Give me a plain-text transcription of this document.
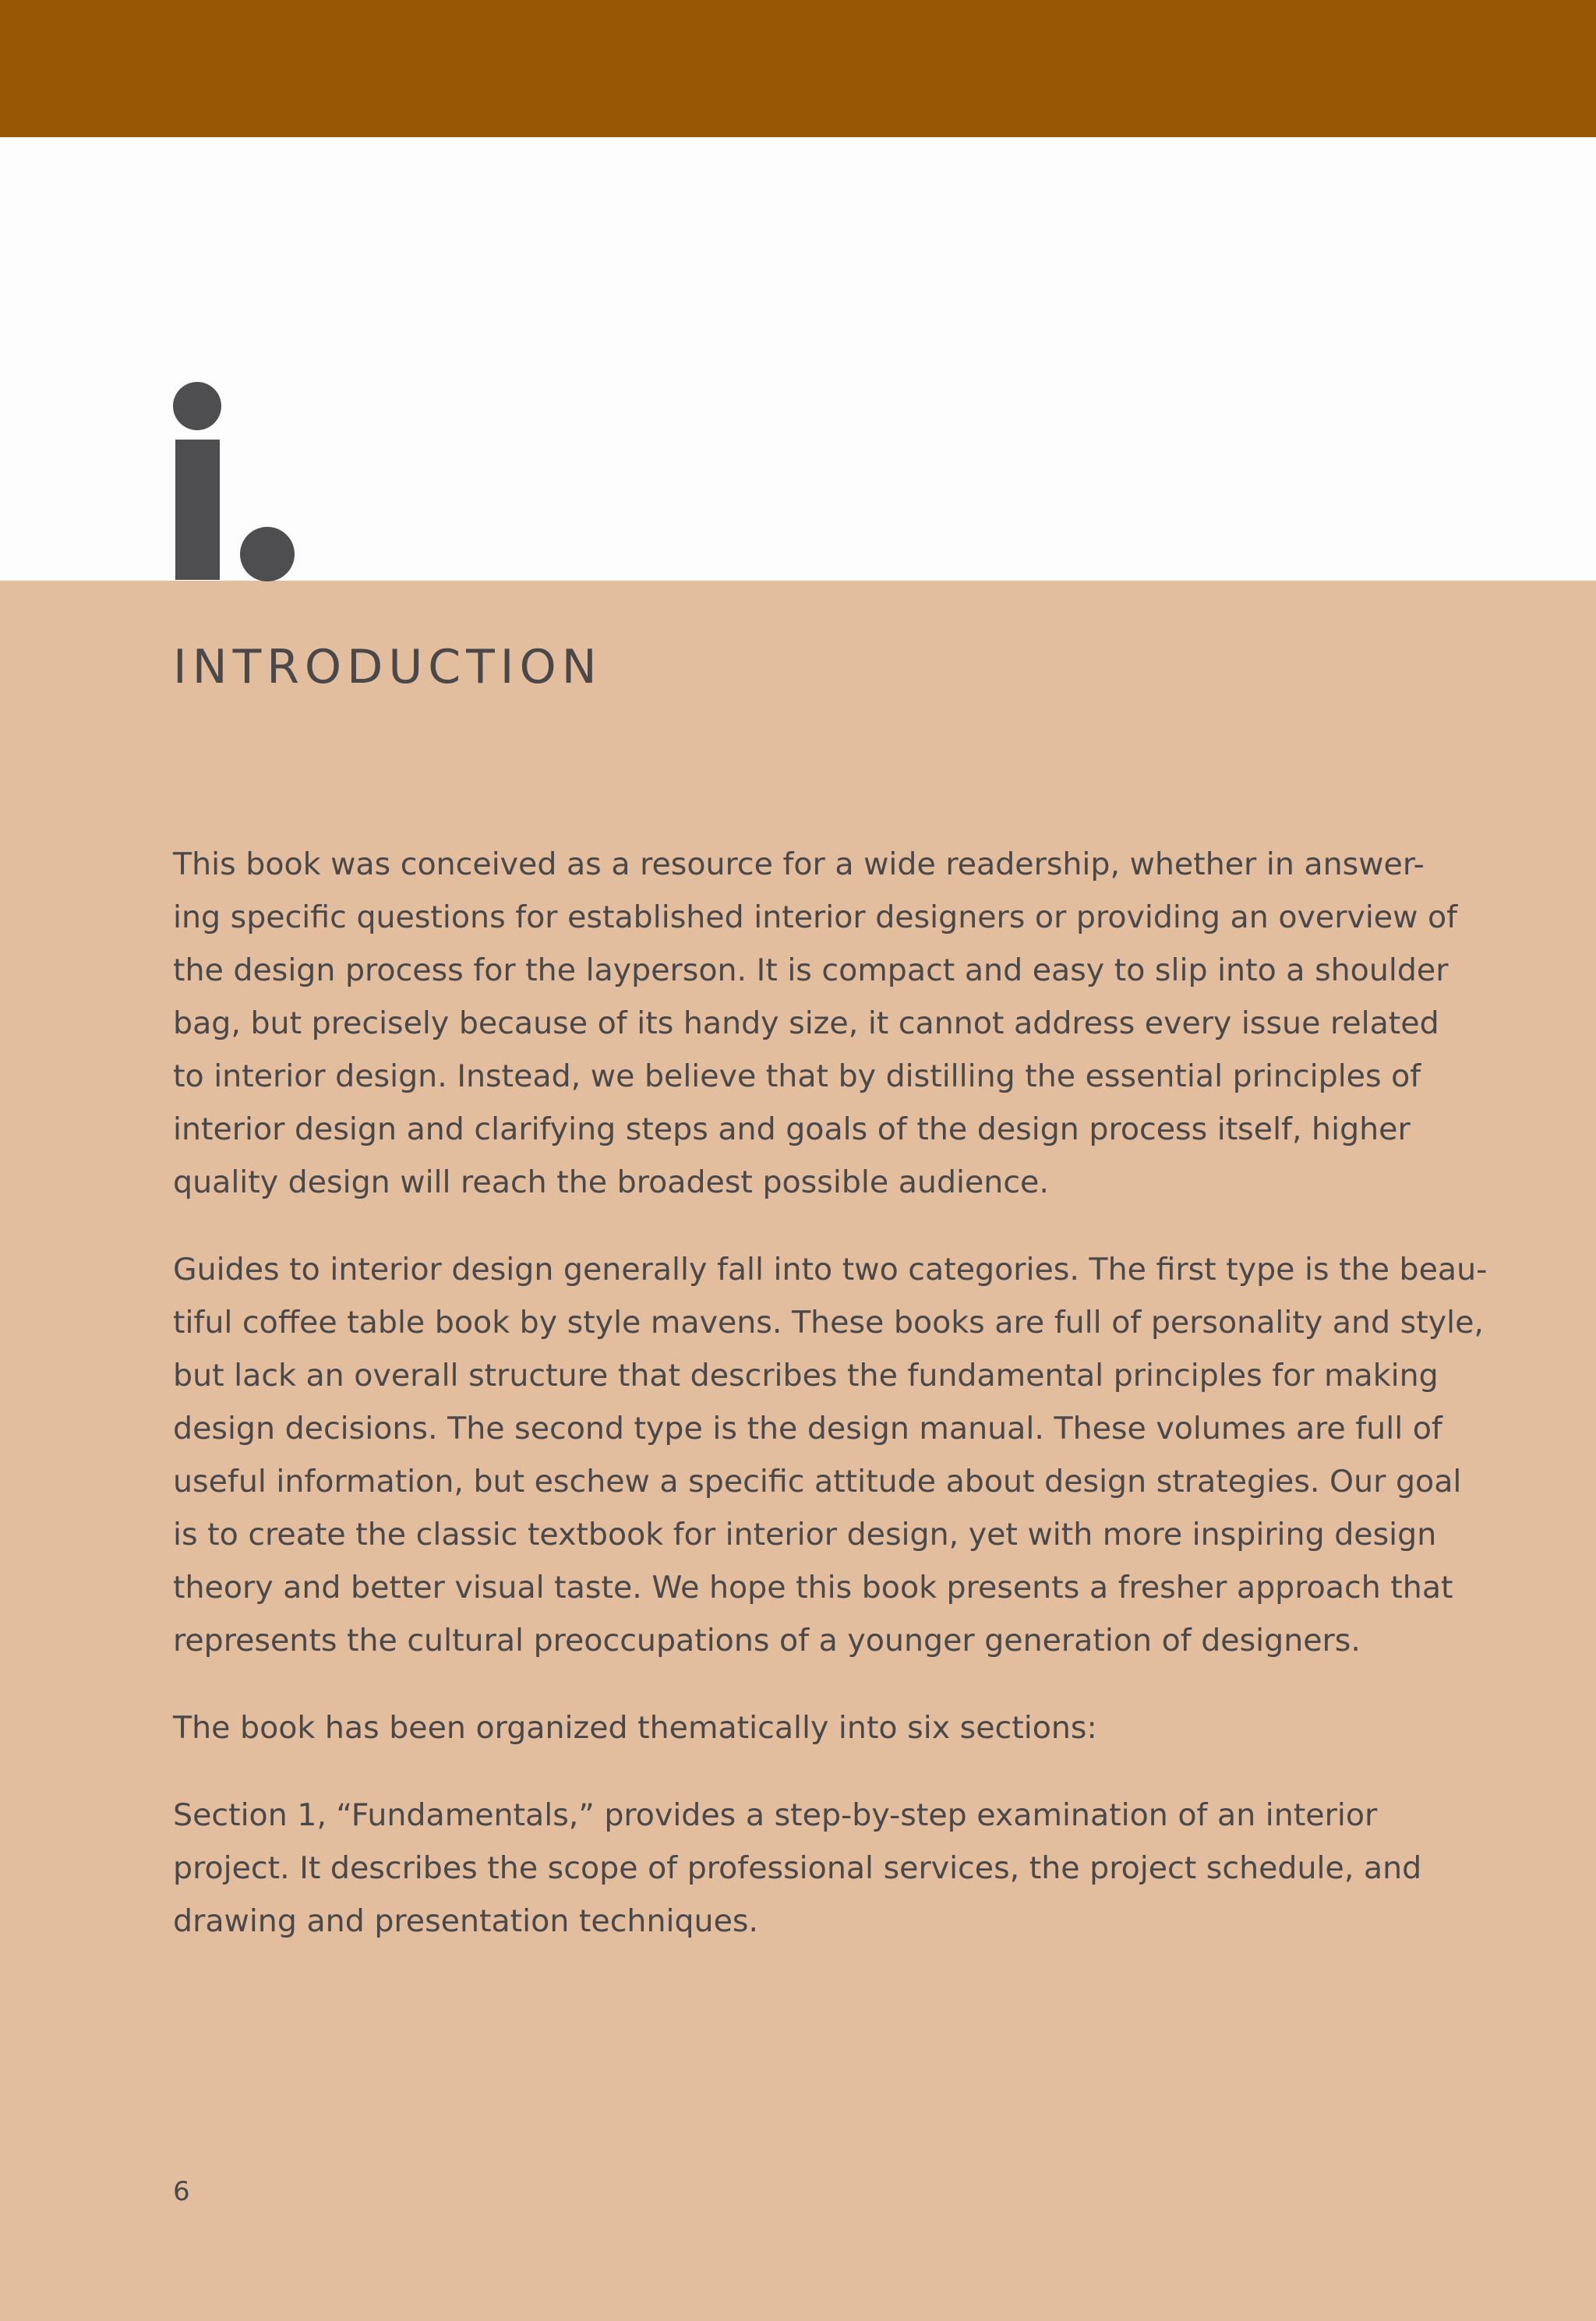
INTRODUCTION

This book was conceived as a resource for a wide readership, whether in answer-
ing specific questions for established interior designers or providing an overview of
the design process for the layperson. It is compact and easy to slip into a shoulder
bag, but precisely because of its handy size, it cannot address every issue related
to interior design. Instead, we believe that by distilling the essential principles of
interior design and clarifying steps and goals of the design process itself, higher
quality design will reach the broadest possible audience.

Guides to interior design generally fall into two categories. The first type is the beau-
tiful coffee table book by style mavens. These books are full of personality and style,
but lack an overall structure that describes the fundamental principles for making
design decisions. The second type is the design manual. These volumes are full of
useful information, but eschew a specific attitude about design strategies. Our goal
is to create the classic textbook for interior design, yet with more inspiring design
theory and better visual taste. We hope this book presents a fresher approach that
represents the cultural preoccupations of a younger generation of designers.

The book has been organized thematically into six sections:

Section 1, “Fundamentals,” provides a step-by-step examination of an interior
project. It describes the scope of professional services, the project schedule, and
drawing and presentation techniques.

6
